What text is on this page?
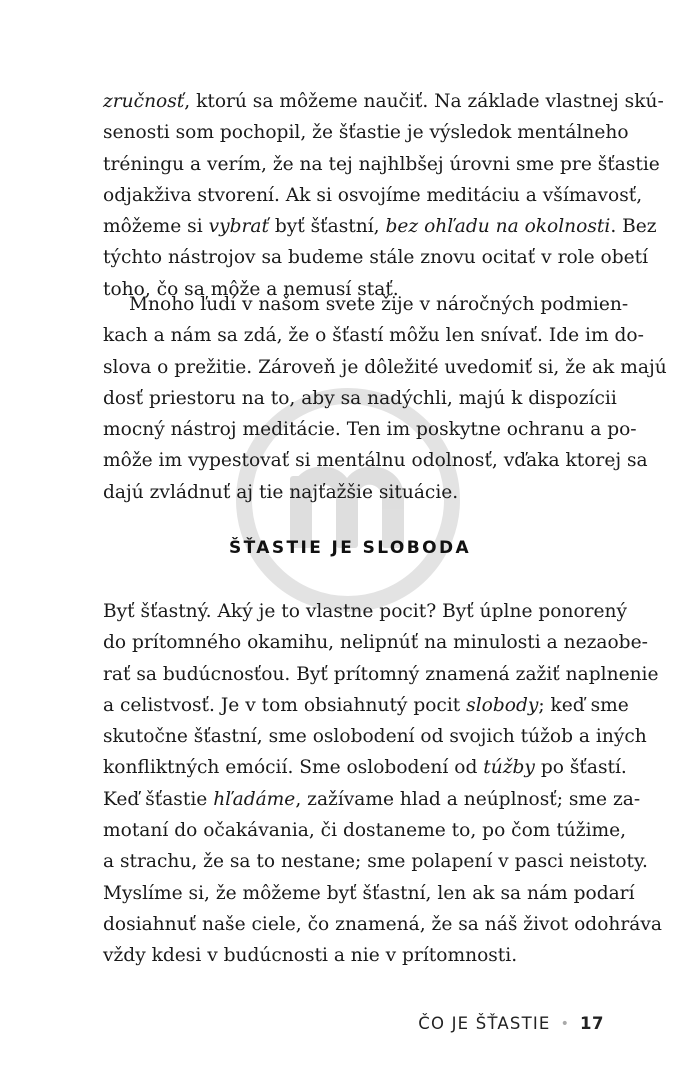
zručnosť, ktorú sa môžeme naučiť. Na základe vlastnej skú-
senosti som pochopil, že šťastie je výsledok mentálneho
tréningu a verím, že na tej najhlbšej úrovni sme pre šťastie
odjakživa stvorení. Ak si osvojíme meditáciu a všímavosť,
môžeme si vybrať byť šťastní, bez ohľadu na okolnosti. Bez
týchto nástrojov sa budeme stále znovu ocitať v role obetí
toho, čo sa môže a nemusí stať.
Mnoho ľudí v našom svete žije v náročných podmien-
kach a nám sa zdá, že o šťastí môžu len snívať. Ide im do-
slova o prežitie. Zároveň je dôležité uvedomiť si, že ak majú
dosť priestoru na to, aby sa nadýchli, majú k dispozícii
mocný nástroj meditácie. Ten im poskytne ochranu a po-
môže im vypestovať si mentálnu odolnosť, vďaka ktorej sa
dajú zvládnuť aj tie najťažšie situácie.
ŠŤASTIE JE SLOBODA
Byť šťastný. Aký je to vlastne pocit? Byť úplne ponorený
do prítomného okamihu, nelipnúť na minulosti a nezaobe-
rať sa budúcnosťou. Byť prítomný znamená zažiť naplnenie
a celistvosť. Je v tom obsiahnutý pocit slobody; keď sme
skutočne šťastní, sme oslobodení od svojich túžob a iných
konfliktných emócií. Sme oslobodení od túžby po šťastí.
Keď šťastie hľadáme, zažívame hlad a neúplnosť; sme za-
motaní do očakávania, či dostaneme to, po čom túžime,
a strachu, že sa to nestane; sme polapení v pasci neistoty.
Myslíme si, že môžeme byť šťastní, len ak sa nám podarí
dosiahnuť naše ciele, čo znamená, že sa náš život odohráva
vždy kdesi v budúcnosti a nie v prítomnosti.
ČO JE ŠŤASTIE • 17
